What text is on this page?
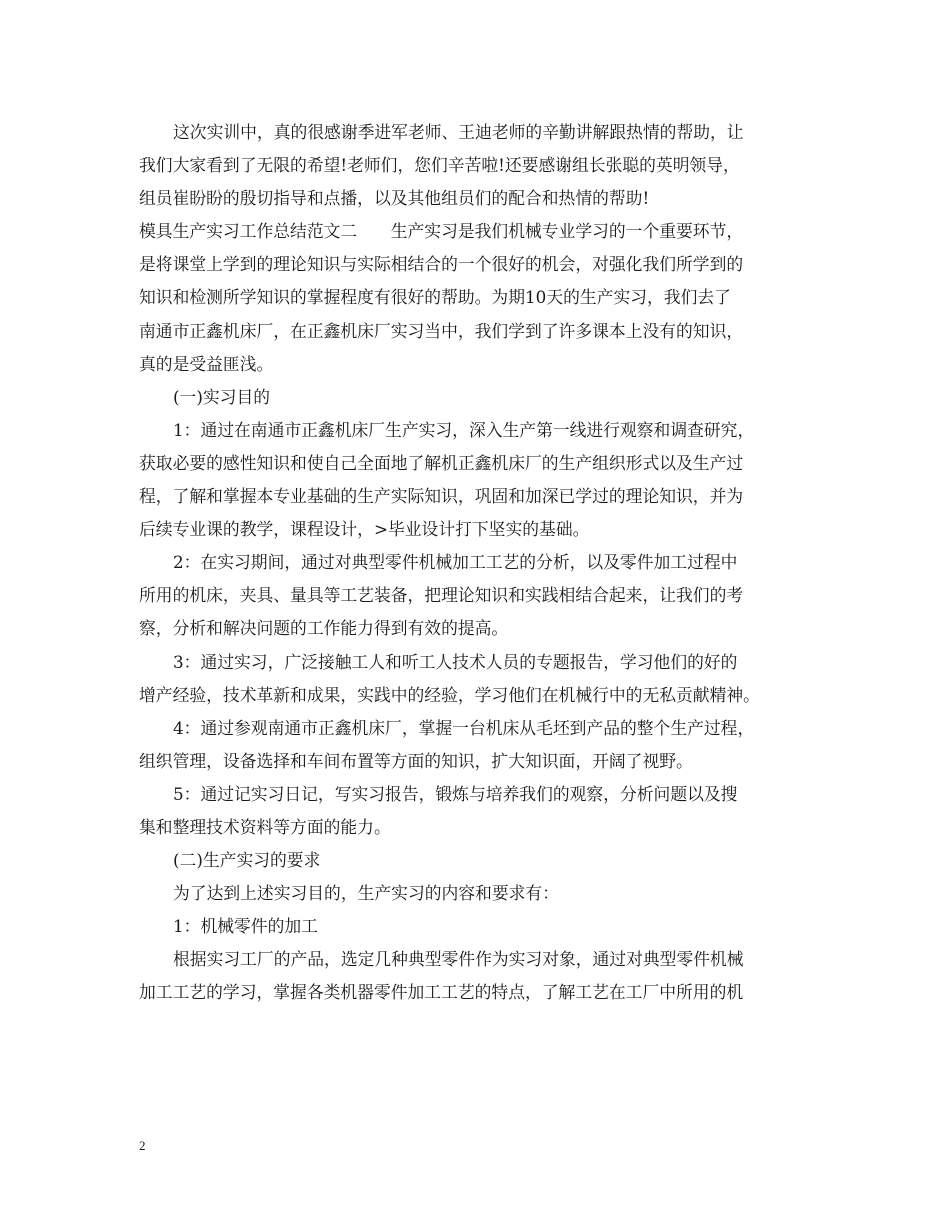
这次实训中，真的很感谢季进军老师、王迪老师的辛勤讲解跟热情的帮助，让
我们大家看到了无限的希望!老师们，您们辛苦啦!还要感谢组长张聪的英明领导，
组员崔盼盼的殷切指导和点播，以及其他组员们的配合和热情的帮助!
模具生产实习工作总结范文二　　生产实习是我们机械专业学习的一个重要环节，
是将课堂上学到的理论知识与实际相结合的一个很好的机会，对强化我们所学到的
知识和检测所学知识的掌握程度有很好的帮助。为期10天的生产实习，我们去了
南通市正鑫机床厂，在正鑫机床厂实习当中，我们学到了许多课本上没有的知识，
真的是受益匪浅。
(一)实习目的
1：通过在南通市正鑫机床厂生产实习，深入生产第一线进行观察和调查研究，
获取必要的感性知识和使自己全面地了解机正鑫机床厂的生产组织形式以及生产过
程，了解和掌握本专业基础的生产实际知识，巩固和加深已学过的理论知识，并为
后续专业课的教学，课程设计，>毕业设计打下坚实的基础。
2：在实习期间，通过对典型零件机械加工工艺的分析，以及零件加工过程中
所用的机床，夹具、量具等工艺装备，把理论知识和实践相结合起来，让我们的考
察，分析和解决问题的工作能力得到有效的提高。
3：通过实习，广泛接触工人和听工人技术人员的专题报告，学习他们的好的
增产经验，技术革新和成果，实践中的经验，学习他们在机械行中的无私贡献精神。
4：通过参观南通市正鑫机床厂，掌握一台机床从毛坯到产品的整个生产过程，
组织管理，设备选择和车间布置等方面的知识，扩大知识面，开阔了视野。
5：通过记实习日记，写实习报告，锻炼与培养我们的观察，分析问题以及搜
集和整理技术资料等方面的能力。
(二)生产实习的要求
为了达到上述实习目的，生产实习的内容和要求有：
1：机械零件的加工
根据实习工厂的产品，选定几种典型零件作为实习对象，通过对典型零件机械
加工工艺的学习，掌握各类机器零件加工工艺的特点，了解工艺在工厂中所用的机
2
